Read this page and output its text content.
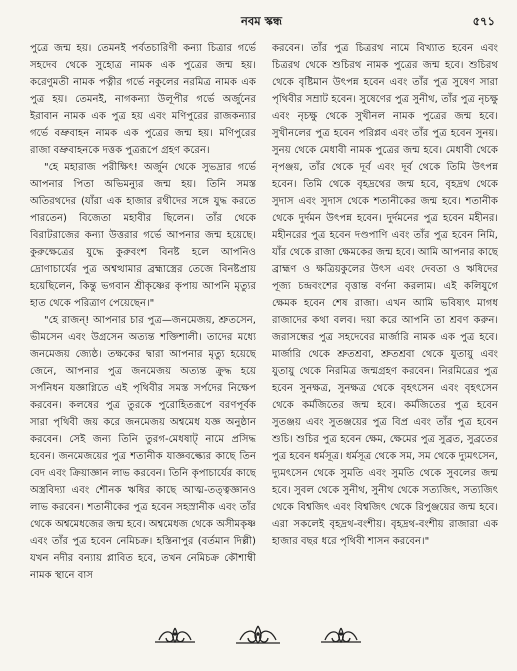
নবম স্কন্ধ	৫৭১

পুত্রে জন্ম হয়। তেমনই পর্বতচারিণী কন্যা চিত্রার গর্ভে সহদেব থেকে সুহোত্র নামক এক পুত্রের জন্ম হয়। করেণুমতী নামক পত্নীর গর্ভে নকুলের নরমিত্র নামক এক পুত্র হয়। তেমনই, নাগকন্যা উলূপীর গর্ভে অর্জুনের ইরাবান নামক এক পুত্র হয় এবং মণিপুরের রাজকন্যার গর্ভে বভ্রুবাহন নামক এক পুত্রের জন্ম হয়। মণিপুরের রাজা বভ্রুবাহনকে দত্তক পুত্ররূপে গ্রহণ করেন।

"হে মহারাজ পরীক্ষিৎ! অর্জুন থেকে সুভদ্রার গর্ভে আপনার পিতা অভিমন্যুর জন্ম হয়। তিনি সমস্ত অতিরথদের (যাঁরা এক হাজার রথীদের সঙ্গে যুদ্ধ করতে পারতেন) বিজেতা মহাবীর ছিলেন। তাঁর থেকে বিরাটরাজের কন্যা উত্তরার গর্ভে আপনার জন্ম হয়েছে। কুরুক্ষেত্রের যুদ্ধে কুরুবংশ বিনষ্ট হলে আপনিও দ্রোণাচার্যের পুত্র অশ্বত্থামার ব্রহ্মাস্ত্রের তেজে বিনষ্টপ্রায় হয়েছিলেন, কিন্তু ভগবান শ্রীকৃষ্ণের কৃপায় আপনি মৃত্যুর হাত থেকে পরিত্রাণ পেয়েছেন।"

"হে রাজন্! আপনার চার পুত্র—জনমেজয়, শ্রুতসেন, ভীমসেন এবং উগ্রসেন অত্যন্ত শক্তিশালী। তাদের মধ্যে জনমেজয় জ্যেষ্ঠ। তক্ষকের দ্বারা আপনার মৃত্যু হয়েছে জেনে, আপনার পুত্র জনমেজয় অত্যন্ত ক্রুদ্ধ হয়ে সর্পনিধন যজ্ঞাগ্নিতে এই পৃথিবীর সমস্ত সর্পদের নিক্ষেপ করবেন। কলষের পুত্র তুরকে পুরোহিতরূপে বরণপূর্বক সারা পৃথিবী জয় করে জনমেজয় অশ্বমেধ যজ্ঞ অনুষ্ঠান করবেন। সেই জন্য তিনি তুরগ-মেধষাট্ নামে প্রসিদ্ধ হবেন। জনমেজয়ের পুত্র শতানীক যাজ্ঞবল্ক্যের কাছে তিন বেদ এবং ক্রিয়াজ্ঞান লাভ করবেন। তিনি কৃপাচার্যের কাছে অস্ত্রবিদ্যা এবং শৌনক ঋষির কাছে আত্ম-তত্ত্বজ্ঞানও লাভ করবেন। শতানীকের পুত্র হবেন সহস্রানীক এবং তাঁর থেকে অশ্বমেধজের জন্ম হবে। অশ্বমেধজ থেকে অসীমকৃষ্ণ এবং তাঁর পুত্র হবেন নেমিচক্র। হস্তিনাপুর (বর্তমান দিল্লী) যখন নদীর বন্যায় প্লাবিত হবে, তখন নেমিচক্র কৌশাম্বী নামক স্থানে বাস

করবেন। তাঁর পুত্র চিত্ররথ নামে বিখ্যাত হবেন এবং চিত্ররথ থেকে শুচিরথ নামক পুত্রের জন্ম হবে। শুচিরথ থেকে বৃষ্টিমান উৎপন্ন হবেন এবং তাঁর পুত্র সুষেণ সারা পৃথিবীর সম্রাট হবেন। সুষেণের পুত্র সুনীথ, তাঁর পুত্র নৃচক্ষু এবং নৃচক্ষু থেকে সুখীনল নামক পুত্রের জন্ম হবে। সুখীনলের পুত্র হবেন পরিপ্লব এবং তাঁর পুত্র হবেন সুনয়। সুনয় থেকে মেধাবী নামক পুত্রের জন্ম হবে। মেধাবী থেকে নৃপঞ্জয়, তাঁর থেকে দূর্ব এবং দূর্ব থেকে তিমি উৎপন্ন হবেন। তিমি থেকে বৃহদ্রথের জন্ম হবে, বৃহদ্রথ থেকে সুদাস এবং সুদাস থেকে শতানীকের জন্ম হবে। শতানীক থেকে দুর্দমন উৎপন্ন হবেন। দুর্দমনের পুত্র হবেন মহীনর। মহীনরের পুত্র হবেন দণ্ডপাণি এবং তাঁর পুত্র হবেন নিমি, যাঁর থেকে রাজা ক্ষেমকের জন্ম হবে। আমি আপনার কাছে ব্রাহ্মণ ও ক্ষত্রিয়কুলের উৎস এবং দেবতা ও ঋষিদের পূজ্য চন্দ্রবংশের বৃত্তান্ত বর্ণনা করলাম। এই কলিযুগে ক্ষেমক হবেন শেষ রাজা। এখন আমি ভবিষ্যৎ মাগধ রাজাদের কথা বলব। দয়া করে আপনি তা শ্রবণ করুন। জরাসন্ধের পুত্র সহদেবের মার্জারি নামক এক পুত্র হবে। মার্জারি থেকে শ্রুতশ্রবা, শ্রুতশ্রবা থেকে যুতায়ু এবং যুতায়ু থেকে নিরমিত্র জন্মগ্রহণ করবেন। নিরমিত্রের পুত্র হবেন সুনক্ষত্র, সুনক্ষত্র থেকে বৃহৎসেন এবং বৃহৎসেন থেকে কর্মজিতের জন্ম হবে। কর্মজিতের পুত্র হবেন সুতঞ্জয় এবং সুতঞ্জয়ের পুত্র বিপ্র এবং তাঁর পুত্র হবেন শুচি। শুচির পুত্র হবেন ক্ষেম, ক্ষেমের পুত্র সুব্রত, সুব্রতের পুত্র হবেন ধর্মসূত্র। ধর্মসূত্র থেকে সম, সম থেকে দ্যুমৎসেন, দ্যুমৎসেন থেকে সুমতি এবং সুমতি থেকে সুবলের জন্ম হবে। সুবল থেকে সুনীথ, সুনীথ থেকে সত্যজিৎ, সত্যজিৎ থেকে বিশ্বজিৎ এবং বিশ্বজিৎ থেকে রিপুঞ্জয়ের জন্ম হবে। এরা সকলেই বৃহদ্রথ-বংশীয়। বৃহদ্রথ-বংশীয় রাজারা এক হাজার বছর ধরে পৃথিবী শাসন করবেন।"
